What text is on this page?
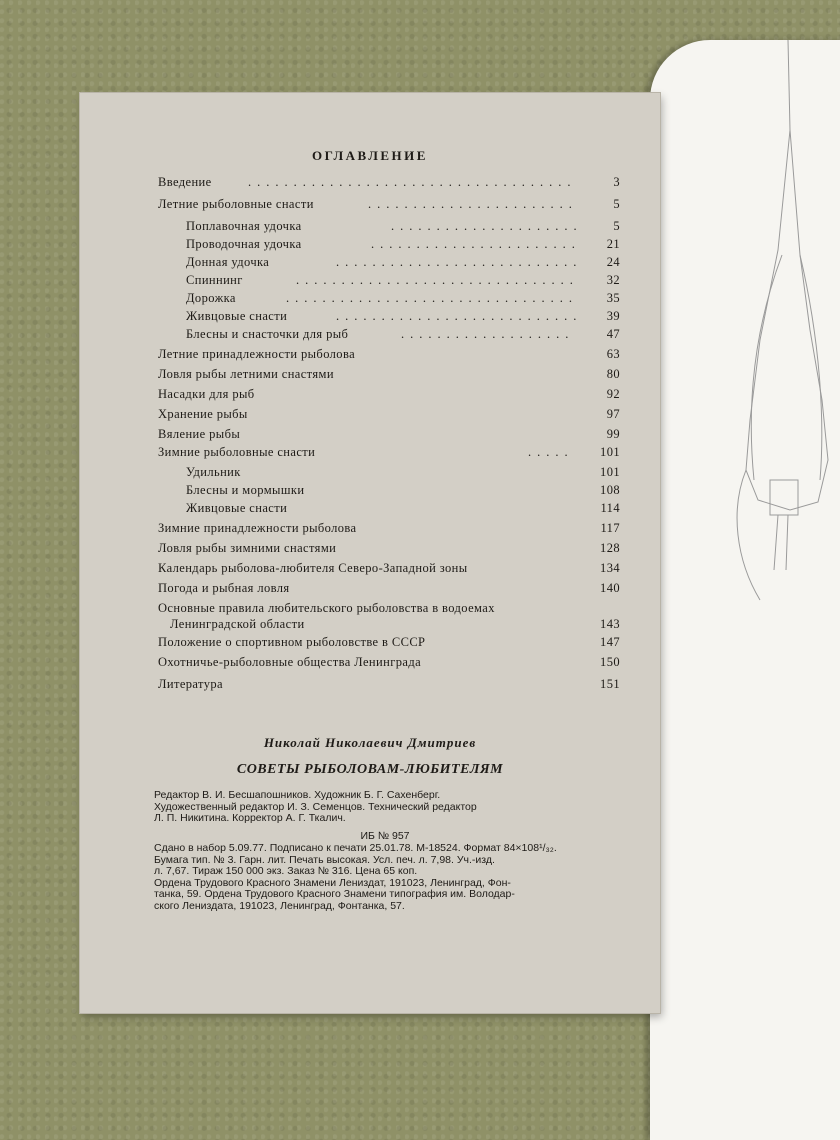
ОГЛАВЛЕНИЕ
Введение	....................................	3
Летние рыболовные снасти	.......................	5
Поплавочная удочка	..................... 5
Проводочная удочка	....................... 21
Донная удочка	........................... 24
Спиннинг	............................... 32
Дорожка	................................ 35
Живцовые снасти	........................... 39
Блесны и снасточки для рыб	...................	47
Летние принадлежности рыболова	63
Ловля рыбы летними снастями	80
Насадки для рыб	92
Хранение рыбы	97
Вяление рыбы	99
Зимние рыболовные снасти	..... 101
Удильник	101
Блесны и мормышки	108
Живцовые снасти	114
Зимние принадлежности рыболова	117
Ловля рыбы зимними снастями	128
Календарь рыболова-любителя Северо-Западной зоны	134
Погода и рыбная ловля	140
Основные правила любительского рыболовства в водоемах
Ленинградской области	143
Положение о спортивном рыболовстве в СССР	147
Охотничье-рыболовные общества Ленинграда	150
Литература	151
Николай Николаевич Дмитриев
СОВЕТЫ РЫБОЛОВАМ-ЛЮБИТЕЛЯМ
Редактор В. И. Бесшапошников. Художник Б. Г. Сахенберг.
Художественный редактор И. З. Семенцов. Технический редактор
Л. П. Никитина. Корректор А. Г. Ткалич.
ИБ № 957
Сдано в набор 5.09.77. Подписано к печати 25.01.78. М-18524. Формат 84×108¹/₃₂.
Бумага тип. № 3. Гарн. лит. Печать высокая. Усл. печ. л. 7,98. Уч.-изд.
л. 7,67. Тираж 150 000 экз. Заказ № 316. Цена 65 коп.
Ордена Трудового Красного Знамени Лениздат, 191023, Ленинград, Фон-
танка, 59. Ордена Трудового Красного Знамени типография им. Володар-
ского Лениздата, 191023, Ленинград, Фонтанка, 57.
